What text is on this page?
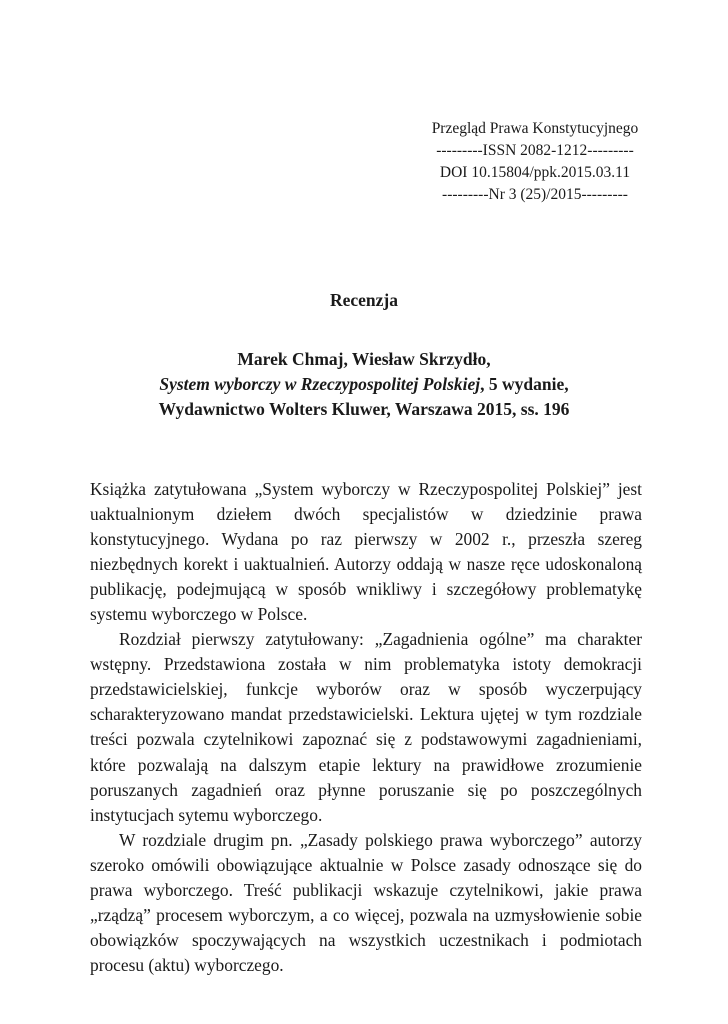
Przegląd Prawa Konstytucyjnego
---------ISSN 2082-1212---------
DOI 10.15804/ppk.2015.03.11
---------Nr 3 (25)/2015---------
Recenzja
Marek Chmaj, Wiesław Skrzydło,
System wyborczy w Rzeczypospolitej Polskiej, 5 wydanie,
Wydawnictwo Wolters Kluwer, Warszawa 2015, ss. 196

Książka zatytułowana „System wyborczy w Rzeczypospolitej Polskiej” jest uaktualnionym dziełem dwóch specjalistów w dziedzinie prawa konstytucyjnego. Wydana po raz pierwszy w 2002 r., przeszła szereg niezbędnych korekt i uaktualnień. Autorzy oddają w nasze ręce udoskonaloną publikację, podejmującą w sposób wnikliwy i szczegółowy problematykę systemu wyborczego w Polsce.

Rozdział pierwszy zatytułowany: „Zagadnienia ogólne” ma charakter wstępny. Przedstawiona została w nim problematyka istoty demokracji przedstawicielskiej, funkcje wyborów oraz w sposób wyczerpujący scharakteryzowano mandat przedstawicielski. Lektura ujętej w tym rozdziale treści pozwala czytelnikowi zapoznać się z podstawowymi zagadnieniami, które pozwalają na dalszym etapie lektury na prawidłowe zrozumienie poruszanych zagadnień oraz płynne poruszanie się po poszczególnych instytucjach sytemu wyborczego.

W rozdziale drugim pn. „Zasady polskiego prawa wyborczego” autorzy szeroko omówili obowiązujące aktualnie w Polsce zasady odnoszące się do prawa wyborczego. Treść publikacji wskazuje czytelnikowi, jakie prawa „rządzą” procesem wyborczym, a co więcej, pozwala na uzmysłowienie sobie obowiązków spoczywających na wszystkich uczestnikach i podmiotach procesu (aktu) wyborczego.
